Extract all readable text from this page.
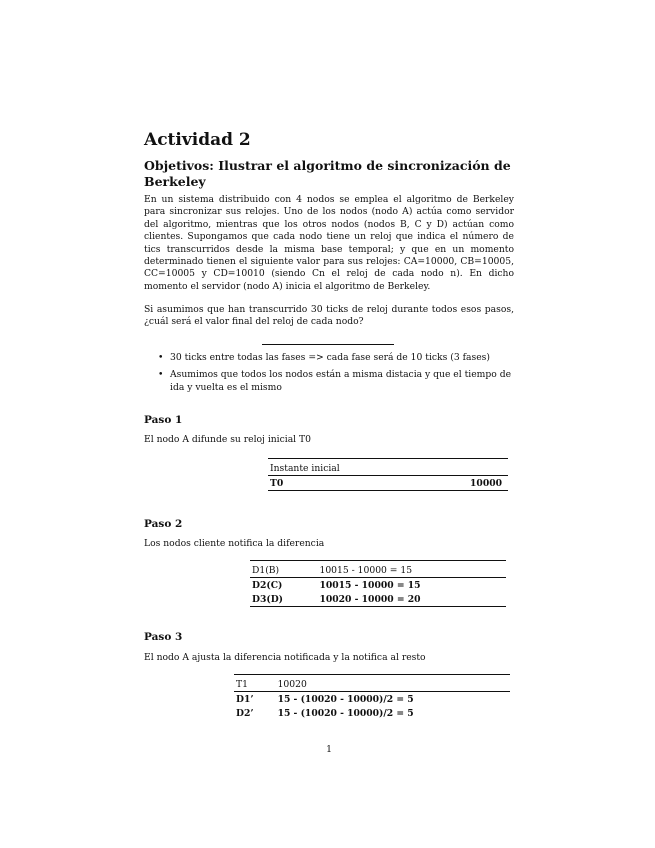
Actividad 2
Objetivos: Ilustrar el algoritmo de sincronización de Berkeley

En un sistema distribuido con 4 nodos se emplea el algoritmo de Berkeley para sincronizar sus relojes. Uno de los nodos (nodo A) actúa como servidor del algoritmo, mientras que los otros nodos (nodos B, C y D) actúan como clientes. Supongamos que cada nodo tiene un reloj que indica el número de tics transcurridos desde la misma base temporal; y que en un momento determinado tienen el siguiente valor para sus relojes: CA=10000, CB=10005, CC=10005 y CD=10010 (siendo Cn el reloj de cada nodo n). En dicho momento el servidor (nodo A) inicia el algoritmo de Berkeley.

Si asumimos que han transcurrido 30 ticks de reloj durante todos esos pasos, ¿cuál será el valor final del reloj de cada nodo?

• 30 ticks entre todas las fases => cada fase será de 10 ticks (3 fases)
• Asumimos que todos los nodos están a misma distacia y que el tiempo de ida y vuelta es el mismo
Paso 1

El nodo A difunde su reloj inicial T0

Instante inicial
T0	10000
Paso 2

Los nodos cliente notifica la diferencia

D1(B)	10015 - 10000 = 15
D2(C)	10015 - 10000 = 15
D3(D)	10020 - 10000 = 20
Paso 3

El nodo A ajusta la diferencia notificada y la notifica al resto

T1	10020
D1’	15 - (10020 - 10000)/2 = 5
D2’	15 - (10020 - 10000)/2 = 5

1
